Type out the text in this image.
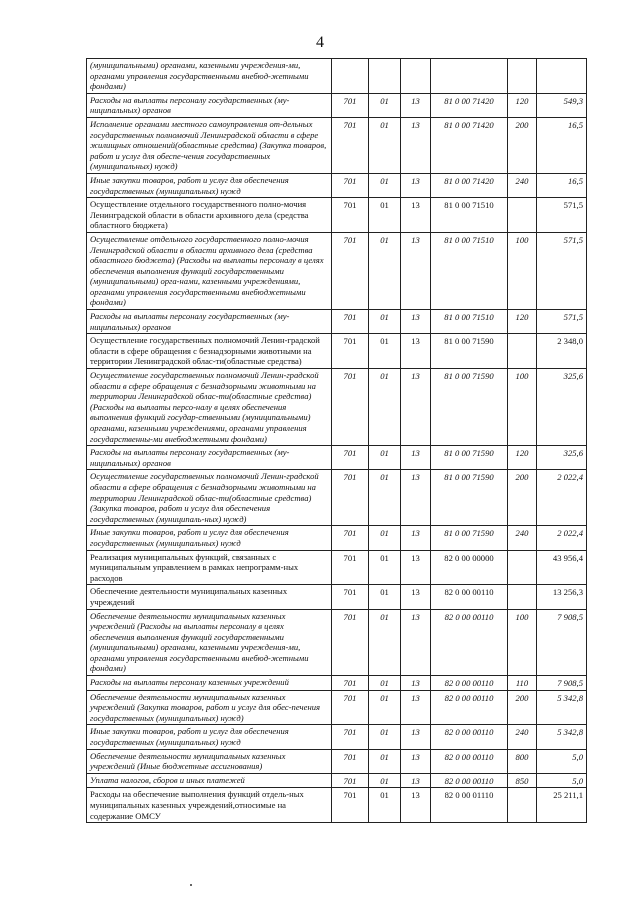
4
(муниципальными) органами, казенными учреждения-ми, органами управления государственными внебюд-жетными фондами)						
Расходы на выплаты персоналу государственных (му-ниципальных) органов	701	01	13	81 0 00 71420	120	549,3
Исполнение органами местного самоуправления от-дельных государственных полномочий Ленинградской области в сфере жилищных отношений(областные средства) (Закупка товаров, работ и услуг для обеспе-чения государственных (муниципальных) нужд)	701	01	13	81 0 00 71420	200	16,5
Иные закупки товаров, работ и услуг для обеспечения государственных (муниципальных) нужд	701	01	13	81 0 00 71420	240	16,5
Осуществление отдельного государственного полно-мочия Ленинградской области в области архивного дела (средства областного бюджета)	701	01	13	81 0 00 71510		571,5
Осуществление отдельного государственного полно-мочия Ленинградской области в области архивного дела (средства областного бюджета) (Расходы на выплаты персоналу в целях обеспечения выполнения функций государственными (муниципальными) орга-нами, казенными учреждениями, органами управления государственными внебюджетными фондами)	701	01	13	81 0 00 71510	100	571,5
Расходы на выплаты персоналу государственных (му-ниципальных) органов	701	01	13	81 0 00 71510	120	571,5
Осуществление государственных полномочий Ленин-градской области в сфере обращения с безнадзорными животными на территории Ленинградской облас-ти(областные средства)	701	01	13	81 0 00 71590		2 348,0
Осуществление государственных полномочий Ленин-градской области в сфере обращения с безнадзорными животными на территории Ленинградской облас-ти(областные средства) (Расходы на выплаты персо-налу в целях обеспечения выполнения функций государ-ственными (муниципальными) органами, казенными учреждениями, органами управления государственны-ми внебюджетными фондами)	701	01	13	81 0 00 71590	100	325,6
Расходы на выплаты персоналу государственных (му-ниципальных) органов	701	01	13	81 0 00 71590	120	325,6
Осуществление государственных полномочий Ленин-градской области в сфере обращения с безнадзорными животными на территории Ленинградской облас-ти(областные средства) (Закупка товаров, работ и услуг для обеспечения государственных (муниципаль-ных) нужд)	701	01	13	81 0 00 71590	200	2 022,4
Иные закупки товаров, работ и услуг для обеспечения государственных (муниципальных) нужд	701	01	13	81 0 00 71590	240	2 022,4
Реализация муниципальных функций, связанных с муниципальным управлением в рамках непрограмм-ных расходов	701	01	13	82 0 00 00000		43 956,4
Обеспечение деятельности муниципальных казенных учреждений	701	01	13	82 0 00 00110		13 256,3
Обеспечение деятельности муниципальных казенных учреждений (Расходы на выплаты персоналу в целях обеспечения выполнения функций государственными (муниципальными) органами, казенными учреждения-ми, органами управления государственными внебюд-жетными фондами)	701	01	13	82 0 00 00110	100	7 908,5
Расходы на выплаты персоналу казенных учреждений	701	01	13	82 0 00 00110	110	7 908,5
Обеспечение деятельности муниципальных казенных учреждений (Закупка товаров, работ и услуг для обес-печения государственных (муниципальных) нужд)	701	01	13	82 0 00 00110	200	5 342,8
Иные закупки товаров, работ и услуг для обеспечения государственных (муниципальных) нужд	701	01	13	82 0 00 00110	240	5 342,8
Обеспечение деятельности муниципальных казенных учреждений (Иные бюджетные ассигнования)	701	01	13	82 0 00 00110	800	5,0
Уплата налогов, сборов и иных платежей	701	01	13	82 0 00 00110	850	5,0
Расходы на обеспечение выполнения функций отдель-ных муниципальных казенных учреждений,относимые на содержание ОМСУ	701	01	13	82 0 00 01110		25 211,1
